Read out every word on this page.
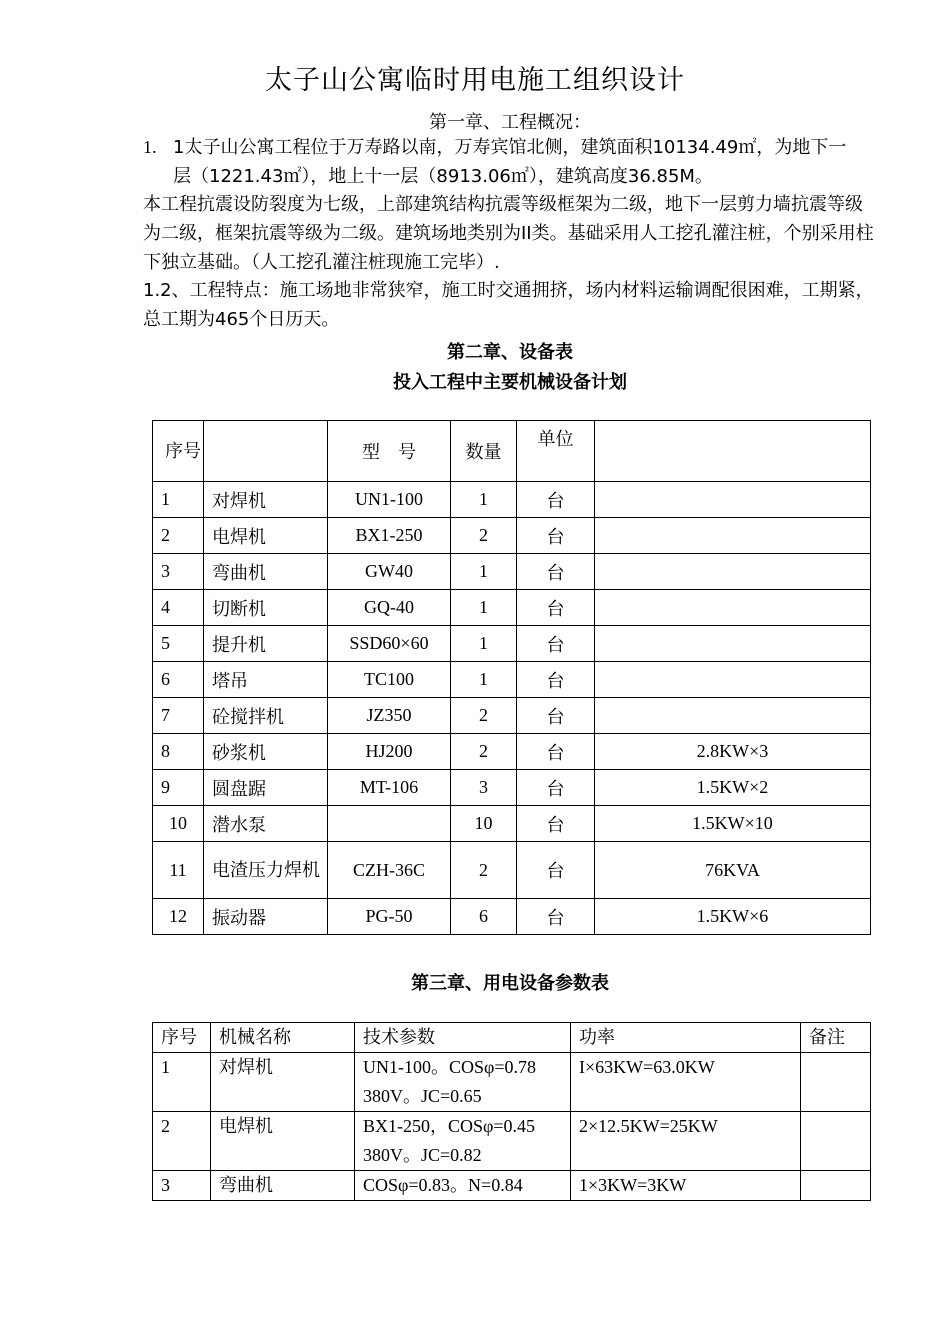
太子山公寓临时用电施工组织设计
第一章、工程概况：
1. 1太子山公寓工程位于万寿路以南，万寿宾馆北侧，建筑面积10134.49㎡，为地下一
层（1221.43㎡），地上十一层（8913.06㎡），建筑高度36.85M。
本工程抗震设防裂度为七级，上部建筑结构抗震等级框架为二级，地下一层剪力墙抗震等级为二级，框架抗震等级为二级。建筑场地类别为II类。基础采用人工挖孔灌注桩，个别采用柱下独立基础。（人工挖孔灌注桩现施工完毕）.
1.2、工程特点：施工场地非常狭窄，施工时交通拥挤，场内材料运输调配很困难，工期紧，总工期为465个日历天。
第二章、设备表
投入工程中主要机械设备计划
序号		型　号	数量	单位	
1	对焊机	UN1-100	1	台	
2	电焊机	BX1-250	2	台	
3	弯曲机	GW40	1	台	
4	切断机	GQ-40	1	台	
5	提升机	SSD60×60	1	台	
6	塔吊	TC100	1	台	
7	砼搅拌机	JZ350	2	台	
8	砂浆机	HJ200	2	台	2.8KW×3
9	圆盘踞	MT-106	3	台	1.5KW×2
10	潜水泵		10	台	1.5KW×10
11	电渣压力焊机	CZH-36C	2	台	76KVA
12	振动器	PG-50	6	台	1.5KW×6
第三章、用电设备参数表
序号	机械名称	技术参数	功率	备注
1	对焊机	UN1-100。COSφ=0.78
380V。JC=0.65	I×63KW=63.0KW	
2	电焊机	BX1-250，COSφ=0.45
380V。JC=0.82	2×12.5KW=25KW	
3	弯曲机	COSφ=0.83。N=0.84	1×3KW=3KW	
